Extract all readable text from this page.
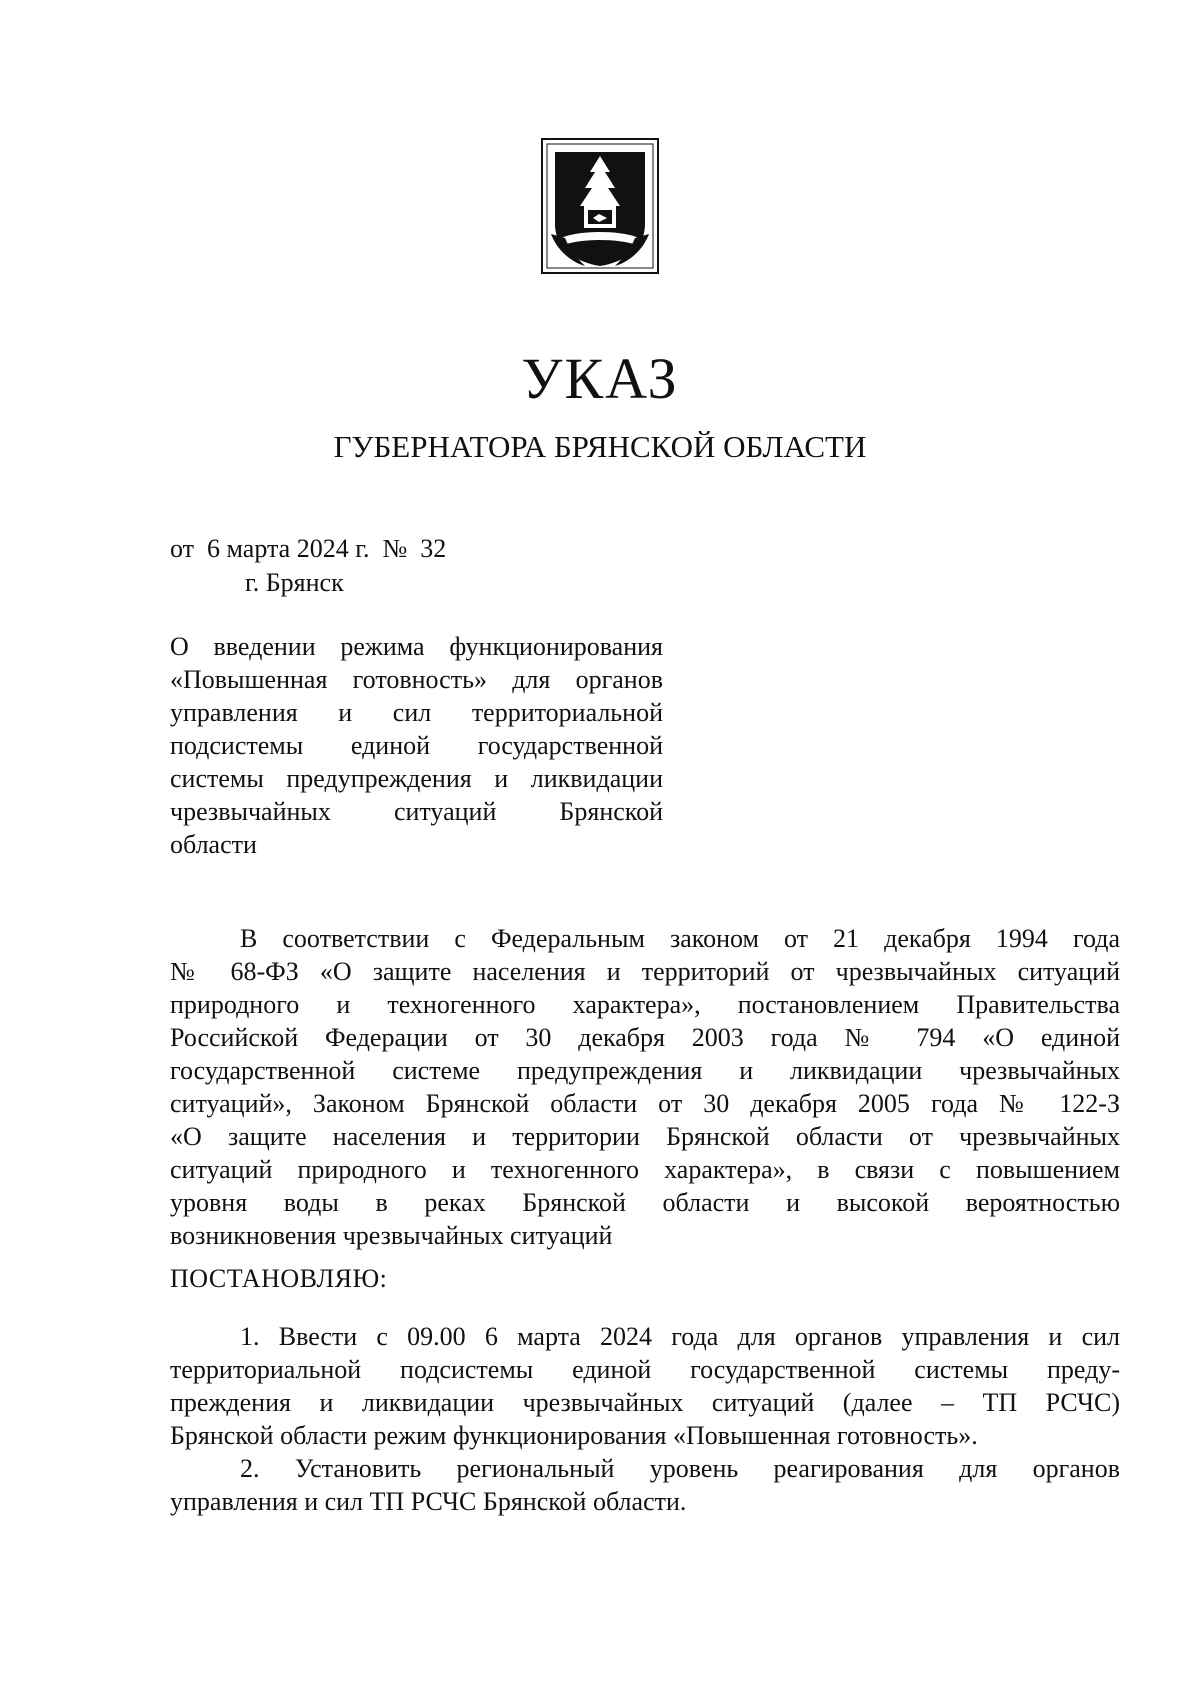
УКАЗ
ГУБЕРНАТОРА БРЯНСКОЙ ОБЛАСТИ
от  6 марта 2024 г.  №  32
г. Брянск
О введении режима функционирования
«Повышенная готовность» для органов
управления и сил территориальной
подсистемы единой государственной
системы предупреждения и ликвидации
чрезвычайных ситуаций Брянской
области
В соответствии с Федеральным законом от 21 декабря 1994 года
№ 68-ФЗ «О защите населения и территорий от чрезвычайных ситуаций
природного и техногенного характера», постановлением Правительства
Российской Федерации от 30 декабря 2003 года № 794 «О единой
государственной системе предупреждения и ликвидации чрезвычайных
ситуаций», Законом Брянской области от 30 декабря 2005 года № 122-З
«О защите населения и территории Брянской области от чрезвычайных
ситуаций природного и техногенного характера», в связи с повышением
уровня воды в реках Брянской области и высокой вероятностью
возникновения чрезвычайных ситуаций
ПОСТАНОВЛЯЮ:
1. Ввести с 09.00 6 марта 2024 года для органов управления и сил
территориальной подсистемы единой государственной системы преду-
преждения и ликвидации чрезвычайных ситуаций (далее – ТП РСЧС)
Брянской области режим функционирования «Повышенная готовность».
2. Установить региональный уровень реагирования для органов
управления и сил ТП РСЧС Брянской области.
